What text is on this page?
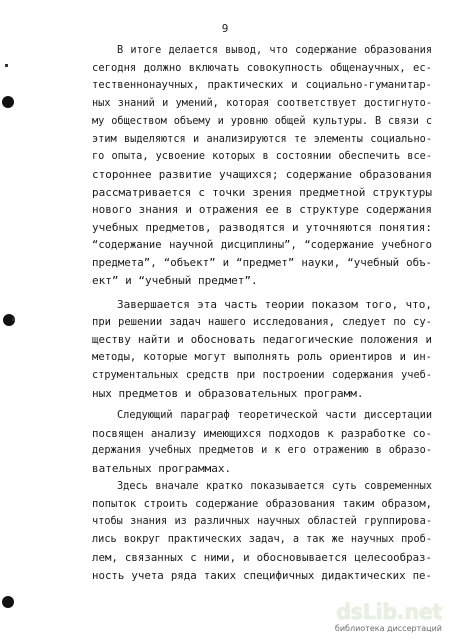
9
В итоге делается вывод, что содержание образования
сегодня должно включать совокупность общенаучных, ес-
тественнонаучных, практических и социально-гуманитар-
ных знаний и умений, которая соответствует достигнуто-
му обществом объему и уровню общей культуры. В связи с
этим выделяются и анализируются те элементы социально-
го опыта, усвоение которых в состоянии обеспечить все-
стороннее развитие учащихся; содержание образования
рассматривается с точки зрения предметной структуры
нового знания и отражения ее в структуре содержания
учебных предметов, разводятся и уточняются понятия:
“содержание научной дисциплины”, “содержание учебного
предмета”, “объект” и “предмет” науки, “учебный объ-
ект” и “учебный предмет”.
Завершается эта часть теории показом того, что,
при решении задач нашего исследования, следует по су-
ществу найти и обосновать педагогические положения и
методы, которые могут выполнять роль ориентиров и ин-
струментальных средств при построении содержания учеб-
ных предметов и образовательных программ.
Следующий параграф теоретической части диссертации
посвящен анализу имеющихся подходов к разработке со-
держания учебных предметов и к его отражению в образо-
вательных программах.
Здесь вначале кратко показывается суть современных
попыток строить содержание образования таким образом,
чтобы знания из различных научных областей группирова-
лись вокруг практических задач, а так же научных проб-
лем, связанных с ними, и обосновывается целесообраз-
ность учета ряда таких специфичных дидактических пе-
dsLib.net
библиотека диссертаций
